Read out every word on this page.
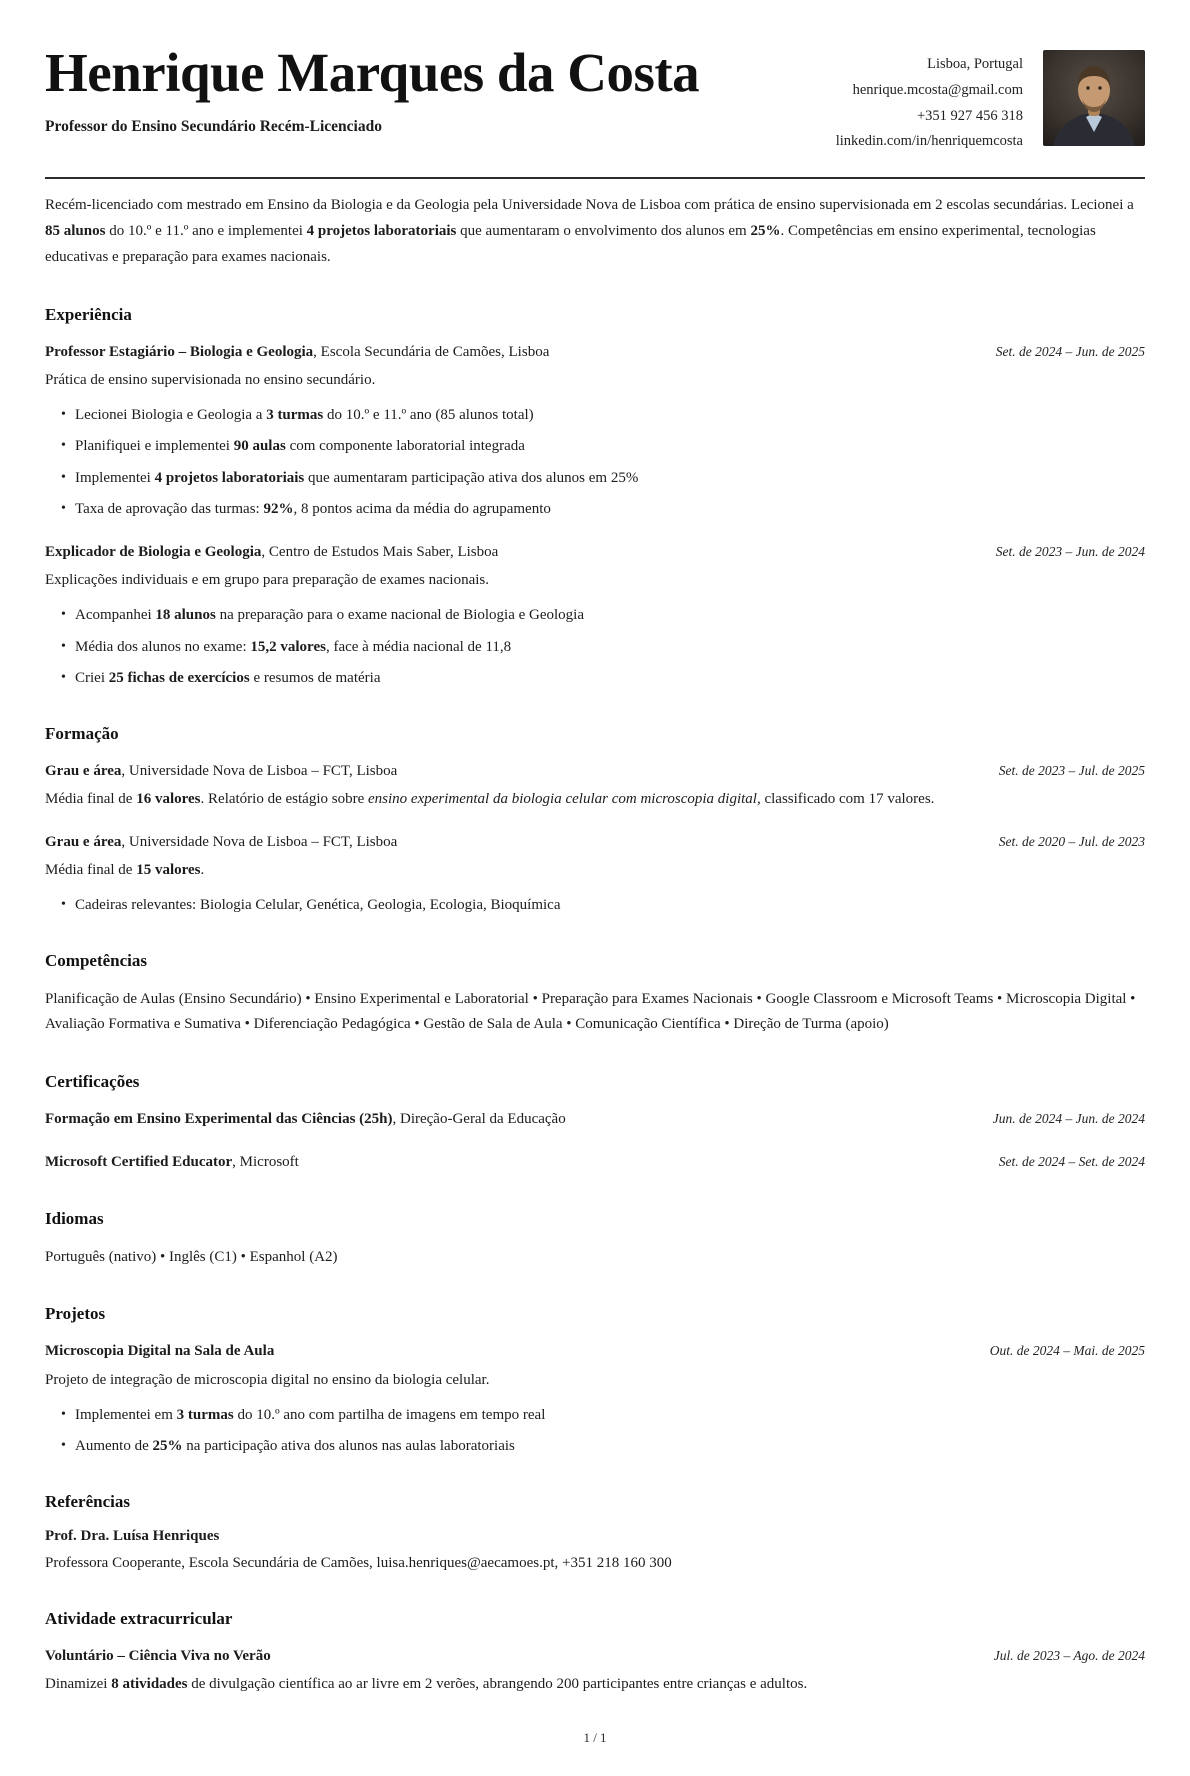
Henrique Marques da Costa
Professor do Ensino Secundário Recém-Licenciado
Lisboa, Portugal
henrique.mcosta@gmail.com
+351 927 456 318
linkedin.com/in/henriquemcosta

Recém-licenciado com mestrado em Ensino da Biologia e da Geologia pela Universidade Nova de Lisboa com prática de ensino supervisionada em 2 escolas secundárias. Lecionei a 85 alunos do 10.º e 11.º ano e implementei 4 projetos laboratoriais que aumentaram o envolvimento dos alunos em 25%. Competências em ensino experimental, tecnologias educativas e preparação para exames nacionais.

Experiência
Professor Estagiário – Biologia e Geologia, Escola Secundária de Camões, Lisboa	Set. de 2024 – Jun. de 2025
Prática de ensino supervisionada no ensino secundário.
• Lecionei Biologia e Geologia a 3 turmas do 10.º e 11.º ano (85 alunos total)
• Planifiquei e implementei 90 aulas com componente laboratorial integrada
• Implementei 4 projetos laboratoriais que aumentaram participação ativa dos alunos em 25%
• Taxa de aprovação das turmas: 92%, 8 pontos acima da média do agrupamento
Explicador de Biologia e Geologia, Centro de Estudos Mais Saber, Lisboa	Set. de 2023 – Jun. de 2024
Explicações individuais e em grupo para preparação de exames nacionais.
• Acompanhei 18 alunos na preparação para o exame nacional de Biologia e Geologia
• Média dos alunos no exame: 15,2 valores, face à média nacional de 11,8
• Criei 25 fichas de exercícios e resumos de matéria
Formação
Grau e área, Universidade Nova de Lisboa – FCT, Lisboa	Set. de 2023 – Jul. de 2025
Média final de 16 valores. Relatório de estágio sobre ensino experimental da biologia celular com microscopia digital, classificado com 17 valores.
Grau e área, Universidade Nova de Lisboa – FCT, Lisboa	Set. de 2020 – Jul. de 2023
Média final de 15 valores.
• Cadeiras relevantes: Biologia Celular, Genética, Geologia, Ecologia, Bioquímica
Competências

Planificação de Aulas (Ensino Secundário) • Ensino Experimental e Laboratorial • Preparação para Exames Nacionais • Google Classroom e Microsoft Teams • Microscopia Digital • Avaliação Formativa e Sumativa • Diferenciação Pedagógica • Gestão de Sala de Aula • Comunicação Científica • Direção de Turma (apoio)

Certificações
Formação em Ensino Experimental das Ciências (25h), Direção-Geral da Educação	Jun. de 2024 – Jun. de 2024
Microsoft Certified Educator, Microsoft	Set. de 2024 – Set. de 2024
Idiomas

Português (nativo) • Inglês (C1) • Espanhol (A2)

Projetos
Microscopia Digital na Sala de Aula	Out. de 2024 – Mai. de 2025
Projeto de integração de microscopia digital no ensino da biologia celular.
• Implementei em 3 turmas do 10.º ano com partilha de imagens em tempo real
• Aumento de 25% na participação ativa dos alunos nas aulas laboratoriais
Referências
Prof. Dra. Luísa Henriques
Professora Cooperante, Escola Secundária de Camões, luisa.henriques@aecamoes.pt, +351 218 160 300
Atividade extracurricular
Voluntário – Ciência Viva no Verão	Jul. de 2023 – Ago. de 2024
Dinamizei 8 atividades de divulgação científica ao ar livre em 2 verões, abrangendo 200 participantes entre crianças e adultos.
1 / 1
